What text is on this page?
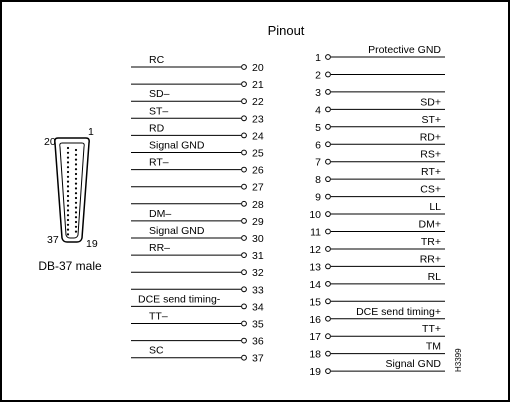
Pinout
20
1
37	19
DB-37 male
20
RC
21
22
SD–
23
ST–
24
RD
25
Signal GND
26
RT–
27
28
29
DM–
30
Signal GND
31
RR–
32
33
34
DCE send timing-
35
TT–
36
37
SC
1
Protective GND
2
3
4
SD+
5
ST+
6
RD+
7
RS+
8
RT+
9
CS+
10
LL
11
DM+
12
TR+
13
RR+
14
RL
15
16
DCE send timing+
17
TT+
18
TM
19
Signal GND H3399
